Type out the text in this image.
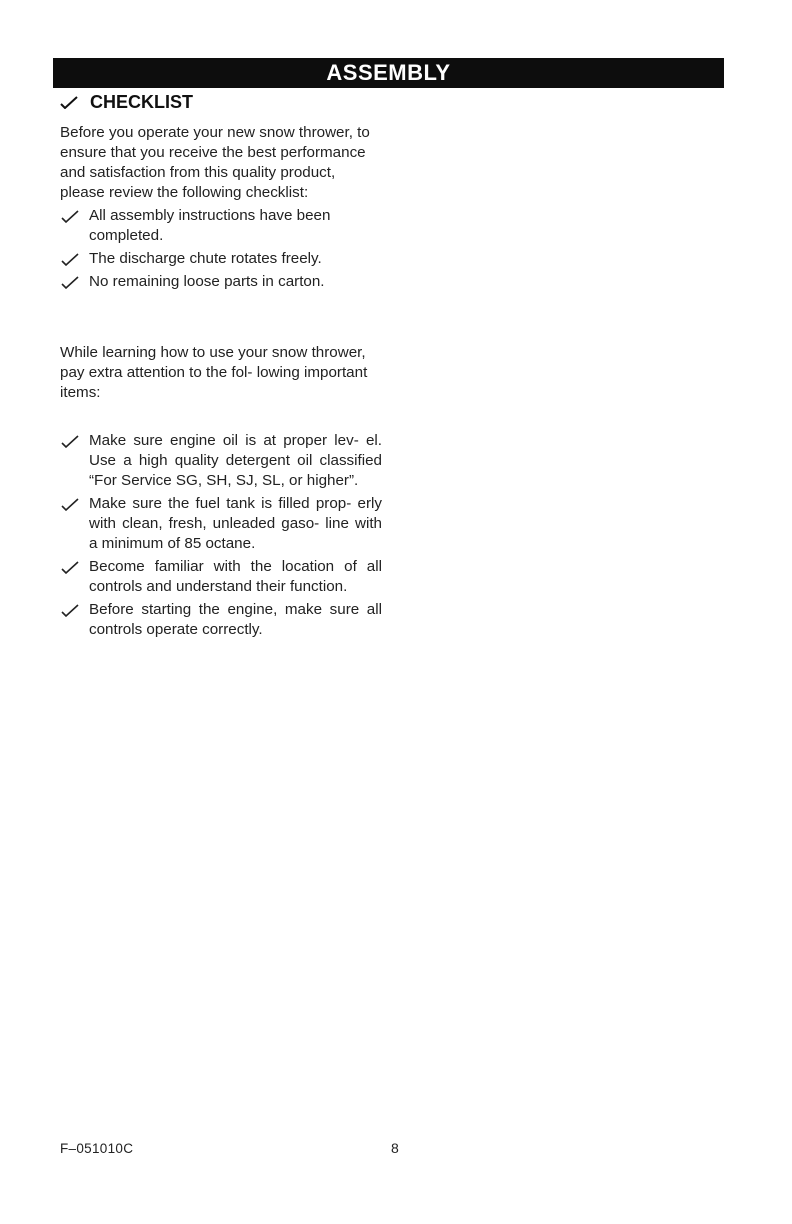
ASSEMBLY
CHECKLIST

Before you operate your new snow thrower, to ensure that you receive the best performance and satisfaction from this quality product, please review the following checklist:

All assembly instructions have been completed.
The discharge chute rotates freely.
No remaining loose parts in carton.

While learning how to use your snow thrower, pay extra attention to the fol- lowing important items:

Make sure engine oil is at proper lev- el. Use a high quality detergent oil classified “For Service SG, SH, SJ, SL, or higher”.
Make sure the fuel tank is filled prop- erly with clean, fresh, unleaded gaso- line with a minimum of 85 octane.
Become familiar with the location of all controls and understand their function.
Before starting the engine, make sure all controls operate correctly.
F–051010C	8
